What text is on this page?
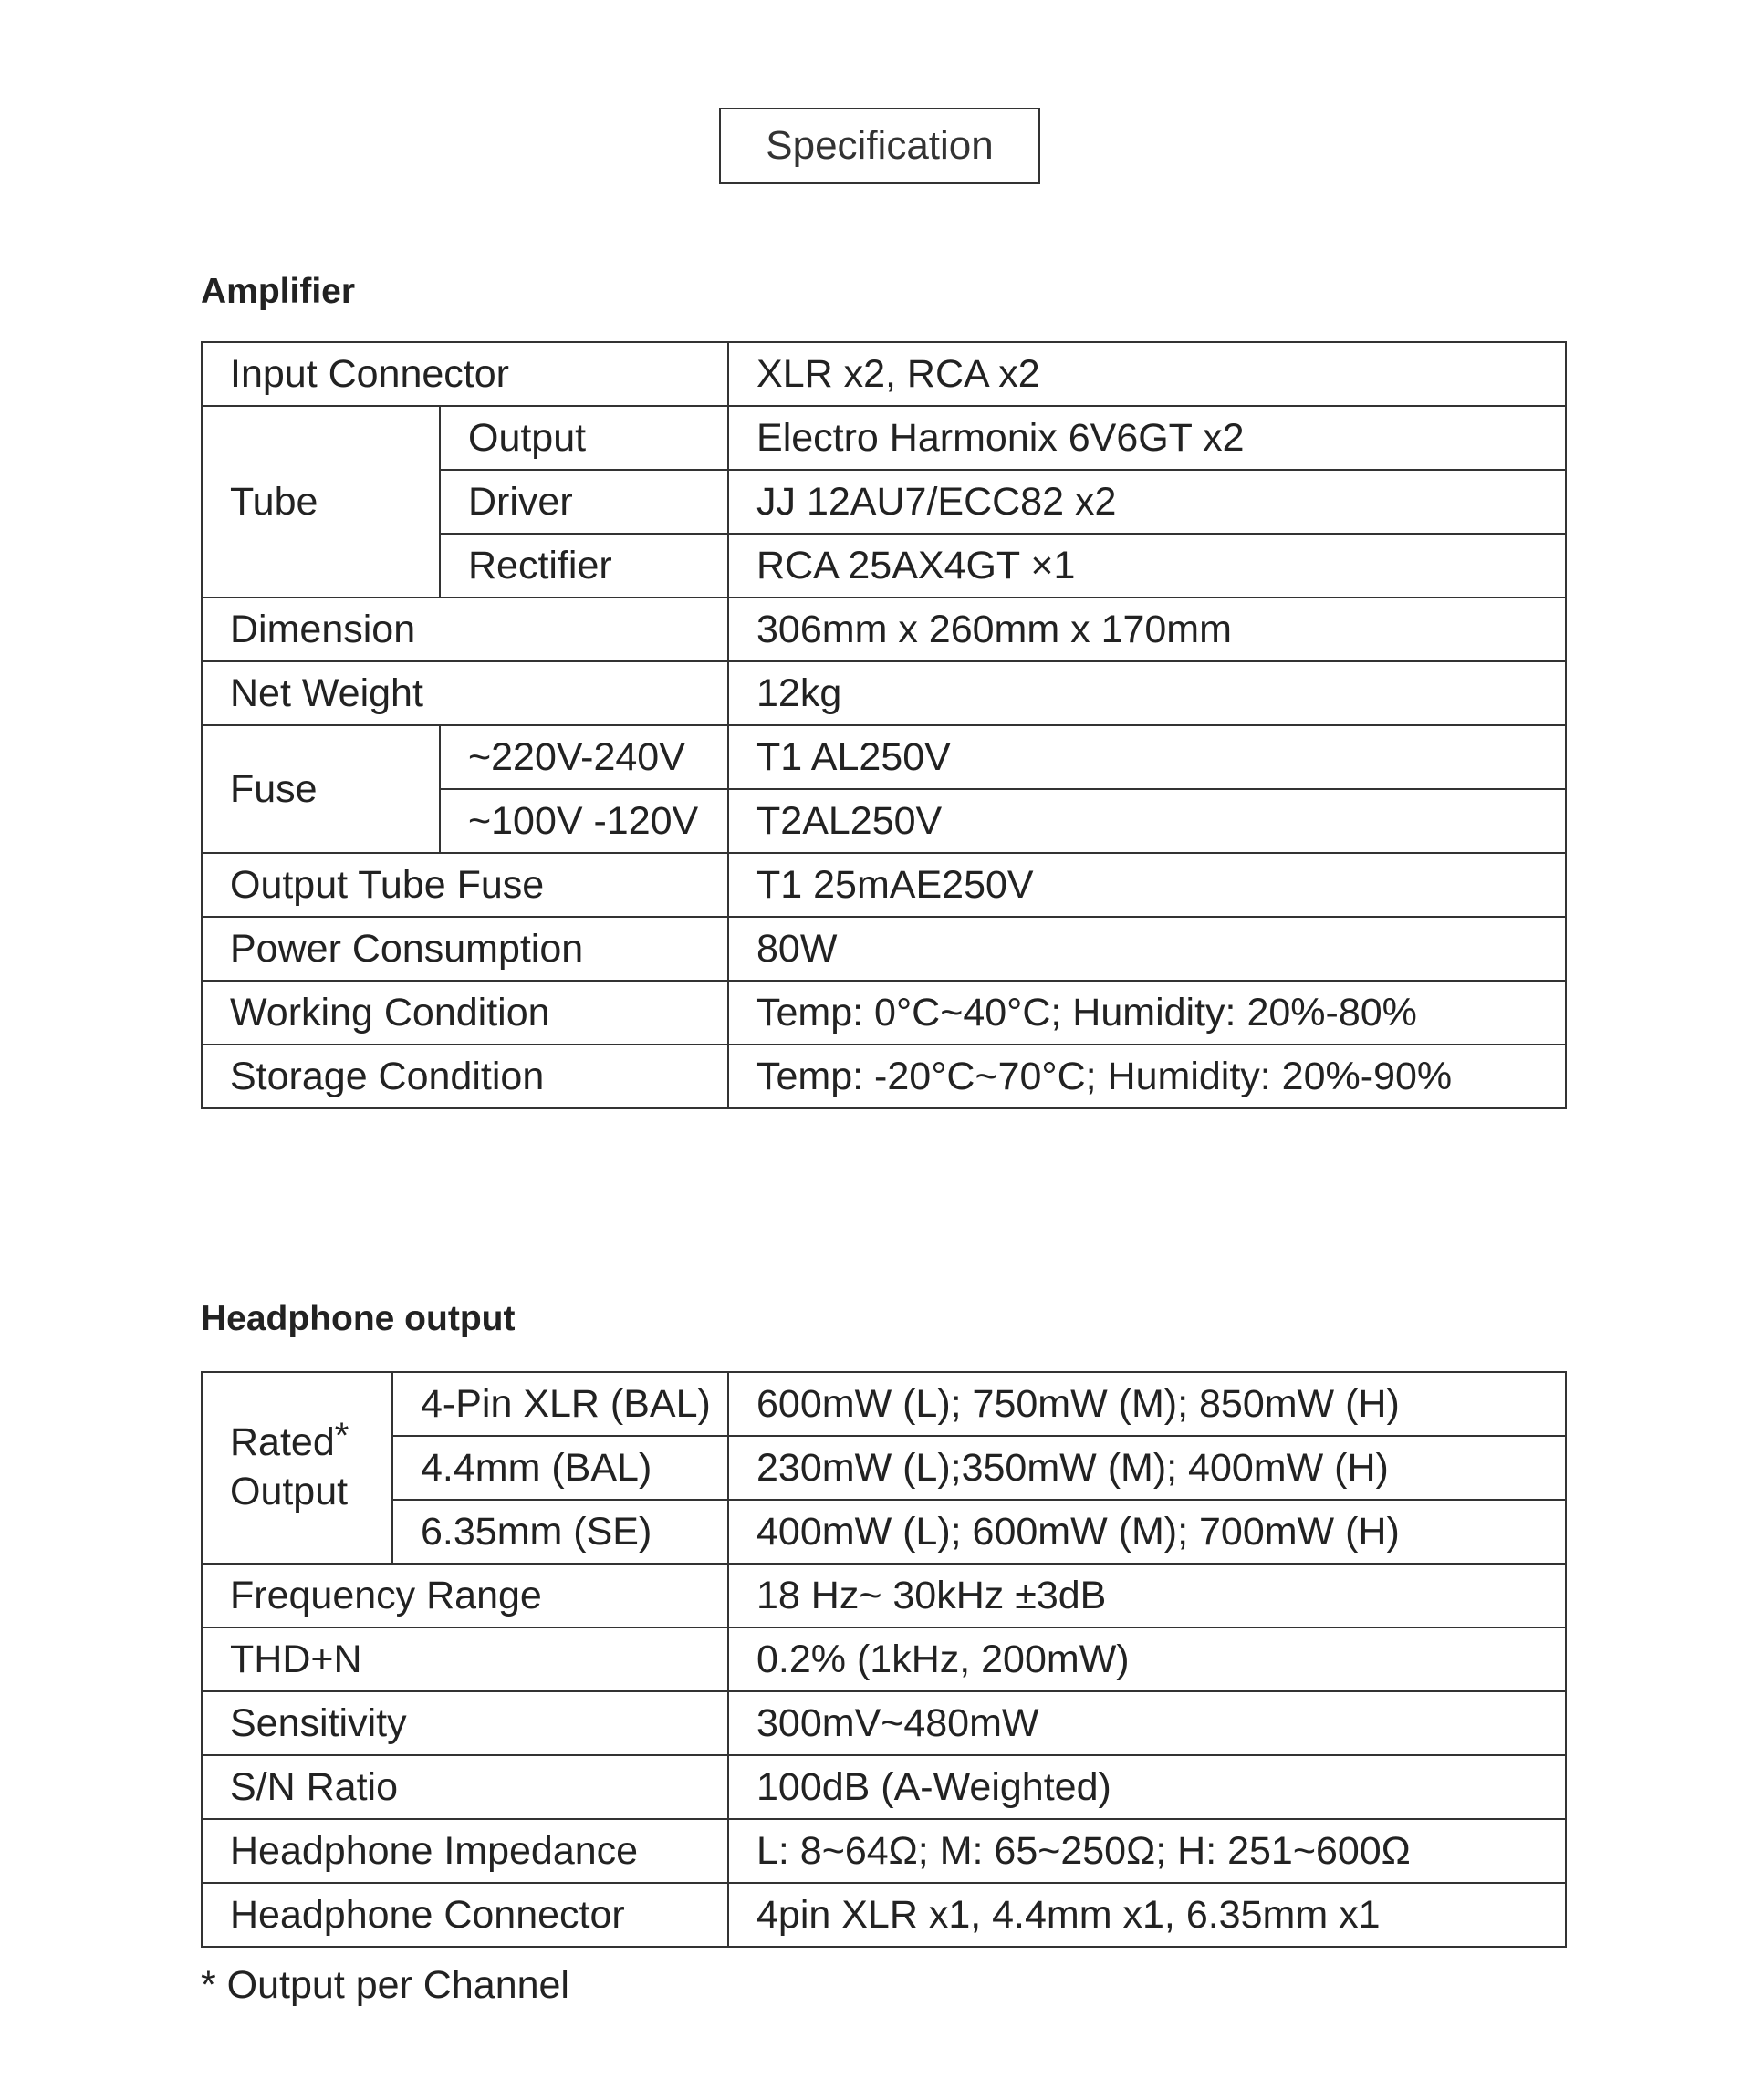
Specification
Amplifier
Input Connector		XLR x2, RCA x2
Tube	Output	Electro Harmonix 6V6GT x2
	Driver	JJ 12AU7/ECC82 x2
	Rectifier	RCA 25AX4GT ×1
Dimension		306mm x 260mm x 170mm
Net Weight		12kg
Fuse	~220V-240V	T1 AL250V
	~100V -120V	T2AL250V
Output Tube Fuse		T1 25mAE250V
Power Consumption		80W
Working Condition		Temp: 0°C~40°C; Humidity: 20%-80%
Storage Condition		Temp: -20°C~70°C; Humidity: 20%-90%
Headphone output
Rated*
Output	4-Pin XLR (BAL)	600mW (L); 750mW (M); 850mW (H)
	4.4mm (BAL)	230mW (L);350mW (M); 400mW (H)
	6.35mm (SE)	400mW (L); 600mW (M); 700mW (H)
Frequency Range		18 Hz~ 30kHz ±3dB
THD+N		0.2% (1kHz, 200mW)
Sensitivity		300mV~480mW
S/N Ratio		100dB (A-Weighted)
Headphone Impedance		L: 8~64Ω; M: 65~250Ω; H: 251~600Ω
Headphone Connector		4pin XLR x1, 4.4mm x1, 6.35mm x1
* Output per Channel
